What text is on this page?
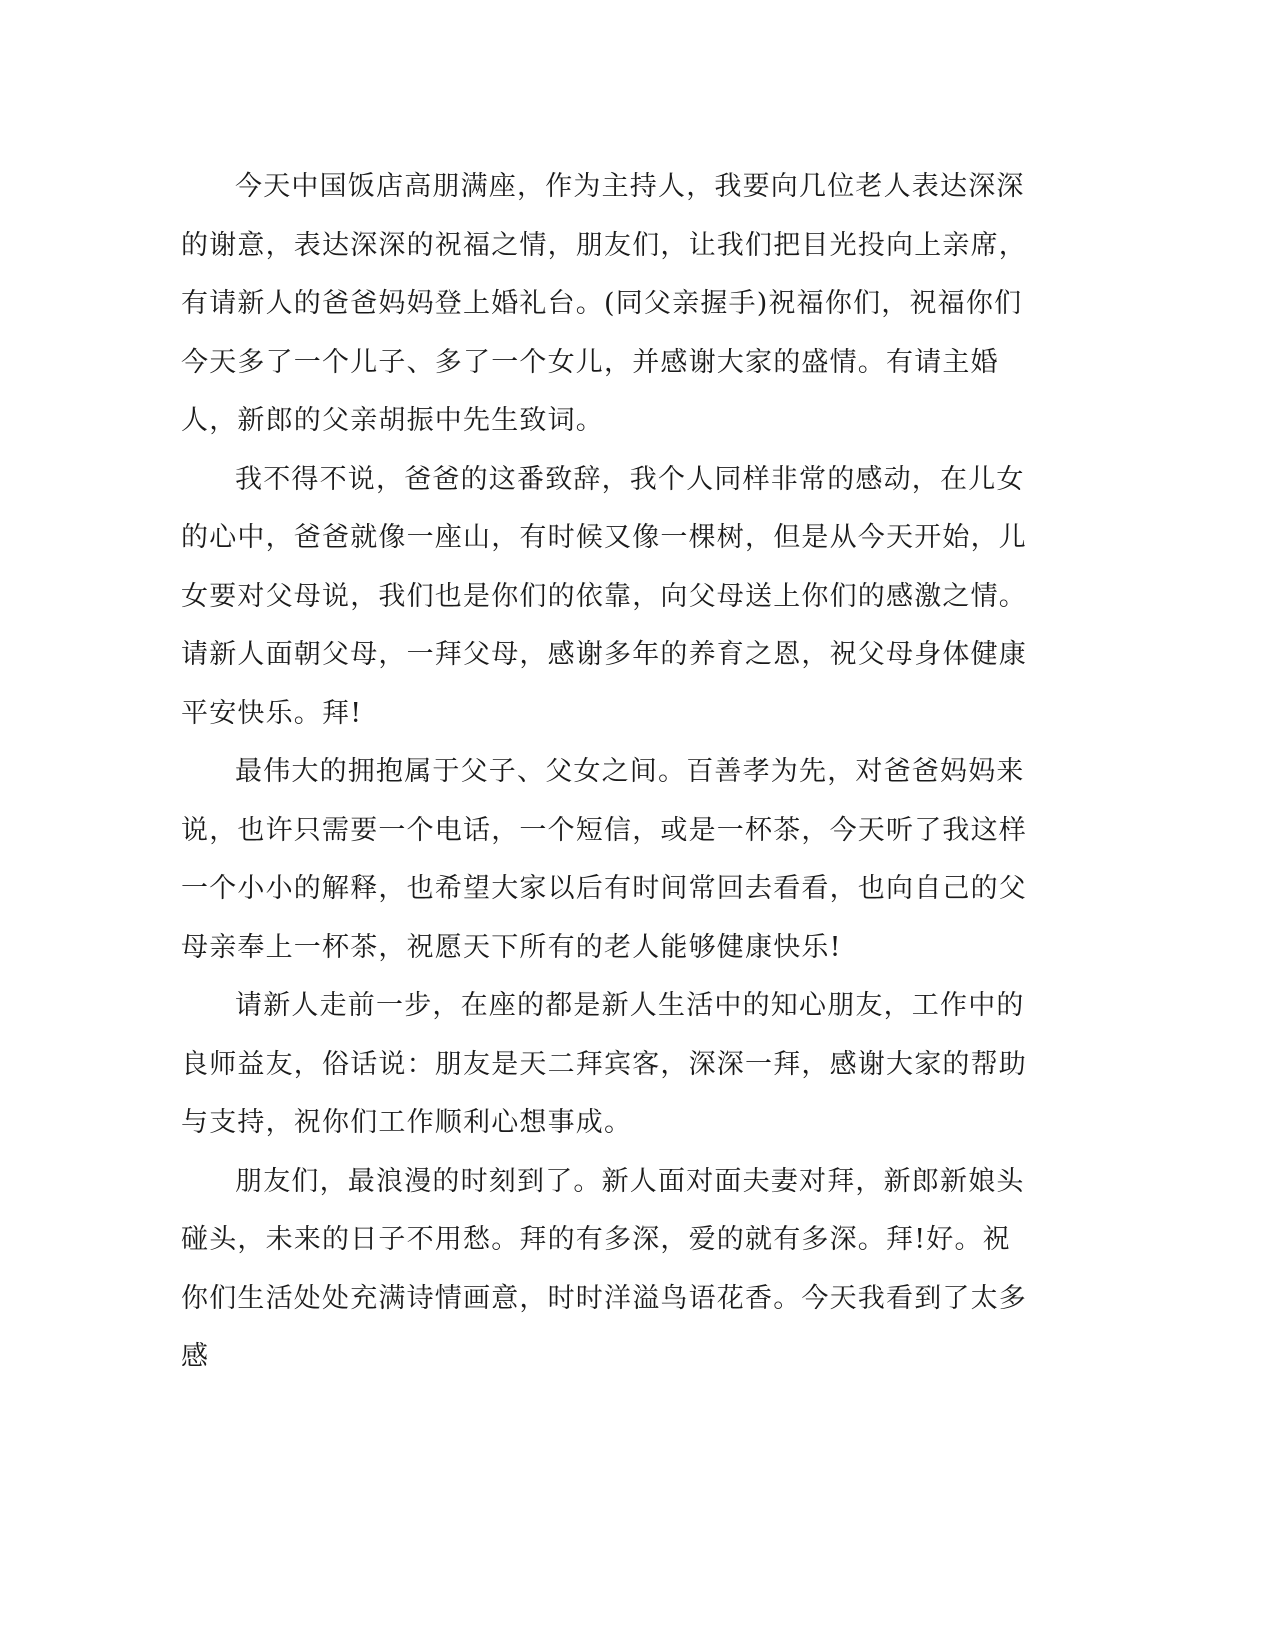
今天中国饭店高朋满座，作为主持人，我要向几位老人表达深深的谢意，表达深深的祝福之情，朋友们，让我们把目光投向上亲席，有请新人的爸爸妈妈登上婚礼台。(同父亲握手)祝福你们，祝福你们今天多了一个儿子、多了一个女儿，并感谢大家的盛情。有请主婚人，新郎的父亲胡振中先生致词。

我不得不说，爸爸的这番致辞，我个人同样非常的感动，在儿女的心中，爸爸就像一座山，有时候又像一棵树，但是从今天开始，儿女要对父母说，我们也是你们的依靠，向父母送上你们的感激之情。请新人面朝父母，一拜父母，感谢多年的养育之恩，祝父母身体健康平安快乐。拜!

最伟大的拥抱属于父子、父女之间。百善孝为先，对爸爸妈妈来说，也许只需要一个电话，一个短信，或是一杯茶，今天听了我这样一个小小的解释，也希望大家以后有时间常回去看看，也向自己的父母亲奉上一杯茶，祝愿天下所有的老人能够健康快乐!

请新人走前一步，在座的都是新人生活中的知心朋友，工作中的良师益友，俗话说：朋友是天二拜宾客，深深一拜，感谢大家的帮助与支持，祝你们工作顺利心想事成。

朋友们，最浪漫的时刻到了。新人面对面夫妻对拜，新郎新娘头碰头，未来的日子不用愁。拜的有多深，爱的就有多深。拜!好。祝你们生活处处充满诗情画意，时时洋溢鸟语花香。今天我看到了太多感
